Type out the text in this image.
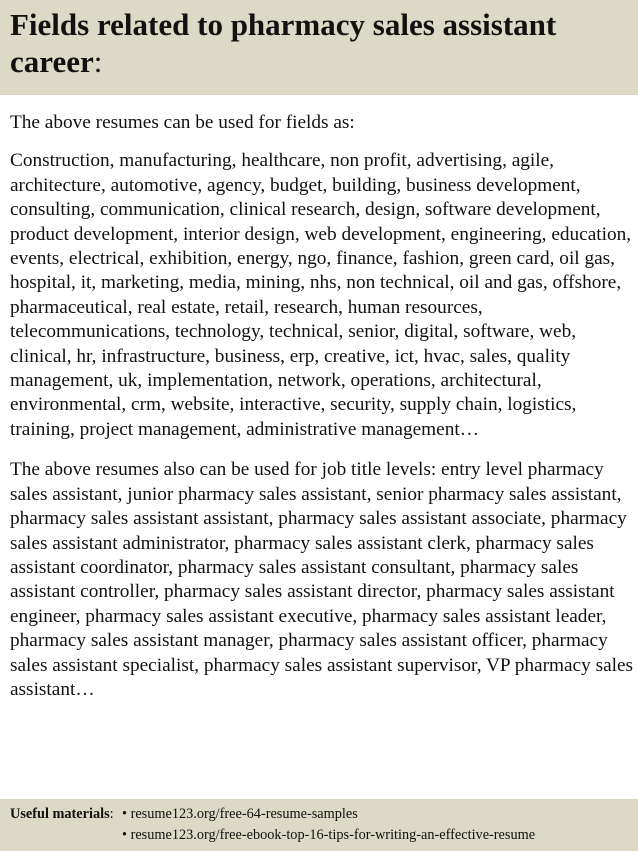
Fields related to pharmacy sales assistant career:

The above resumes can be used for fields as:

Construction, manufacturing, healthcare, non profit, advertising, agile, architecture, automotive, agency, budget, building, business development, consulting, communication, clinical research, design, software development, product development, interior design, web development, engineering, education, events, electrical, exhibition, energy, ngo, finance, fashion, green card, oil gas, hospital, it, marketing, media, mining, nhs, non technical, oil and gas, offshore, pharmaceutical, real estate, retail, research, human resources, telecommunications, technology, technical, senior, digital, software, web, clinical, hr, infrastructure, business, erp, creative, ict, hvac, sales, quality management, uk, implementation, network, operations, architectural, environmental, crm, website, interactive, security, supply chain, logistics, training, project management, administrative management…

The above resumes also can be used for job title levels: entry level pharmacy sales assistant, junior pharmacy sales assistant, senior pharmacy sales assistant, pharmacy sales assistant assistant, pharmacy sales assistant associate, pharmacy sales assistant administrator, pharmacy sales assistant clerk, pharmacy sales assistant coordinator, pharmacy sales assistant consultant, pharmacy sales assistant controller, pharmacy sales assistant director, pharmacy sales assistant engineer, pharmacy sales assistant executive, pharmacy sales assistant leader, pharmacy sales assistant manager, pharmacy sales assistant officer, pharmacy sales assistant specialist, pharmacy sales assistant supervisor, VP pharmacy sales assistant…

Useful materials: • resume123.org/free-64-resume-samples
• resume123.org/free-ebook-top-16-tips-for-writing-an-effective-resume
